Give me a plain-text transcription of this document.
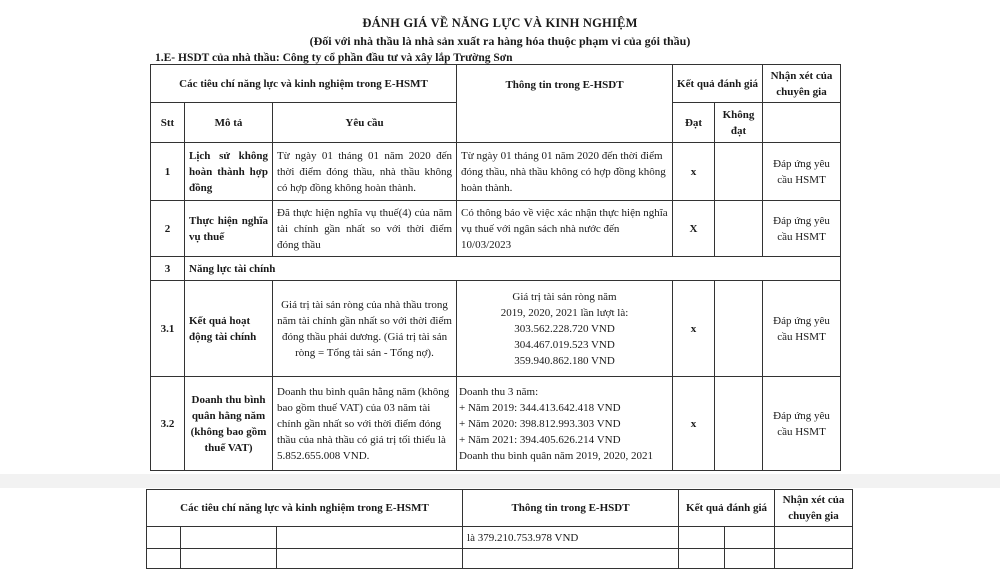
ĐÁNH GIÁ VỀ NĂNG LỰC VÀ KINH NGHIỆM
(Đối với nhà thầu là nhà sản xuất ra hàng hóa thuộc phạm vi của gói thầu)
1.E- HSDT của nhà thầu: Công ty cổ phần đầu tư và xây lắp Trường Sơn
Các tiêu chí năng lực và kinh nghiệm trong E-HSMT			Thông tin trong E-HSDT	Kết quả đánh giá		Nhận xét của chuyên gia
Stt	Mô tả	Yêu cầu		Đạt	Không đạt	
1	Lịch sử không hoàn thành hợp đồng	Từ ngày 01 tháng 01 năm 2020 đến thời điểm đóng thầu, nhà thầu không có hợp đồng không hoàn thành.	Từ ngày 01 tháng 01 năm 2020 đến thời điểm đóng thầu, nhà thầu không có hợp đồng không hoàn thành.	x		Đáp ứng yêu cầu HSMT
2	Thực hiện nghĩa vụ thuế	Đã thực hiện nghĩa vụ thuế(4) của năm tài chính gần nhất so với thời điểm đóng thầu	Có thông báo về việc xác nhận thực hiện nghĩa vụ thuế với ngân sách nhà nước đến 10/03/2023	X		Đáp ứng yêu cầu HSMT
3	Năng lực tài chính					
3.1	Kết quả hoạt động tài chính	Giá trị tài sản ròng của nhà thầu trong năm tài chính gần nhất so với thời điểm đóng thầu phải dương. (Giá trị tài sản ròng = Tổng tài sản - Tổng nợ).	Giá trị tài sản ròng năm
2019, 2020, 2021 lần lượt là:
303.562.228.720 VND
304.467.019.523 VND
359.940.862.180 VND	x		Đáp ứng yêu cầu HSMT
3.2	Doanh thu bình quân hằng năm (không bao gồm thuế VAT)	Doanh thu bình quân hằng năm (không bao gồm thuế VAT) của 03 năm tài chính gần nhất so với thời điểm đóng thầu của nhà thầu có giá trị tối thiểu là 5.852.655.008 VND.	Doanh thu 3 năm:
+ Năm 2019: 344.413.642.418 VND
+ Năm 2020: 398.812.993.303 VND
+ Năm 2021: 394.405.626.214 VND
Doanh thu bình quân năm 2019, 2020, 2021	x		Đáp ứng yêu cầu HSMT
Các tiêu chí năng lực và kinh nghiệm trong E-HSMT			Thông tin trong E-HSDT	Kết quả đánh giá		Nhận xét của chuyên gia
			là 379.210.753.978 VND			
